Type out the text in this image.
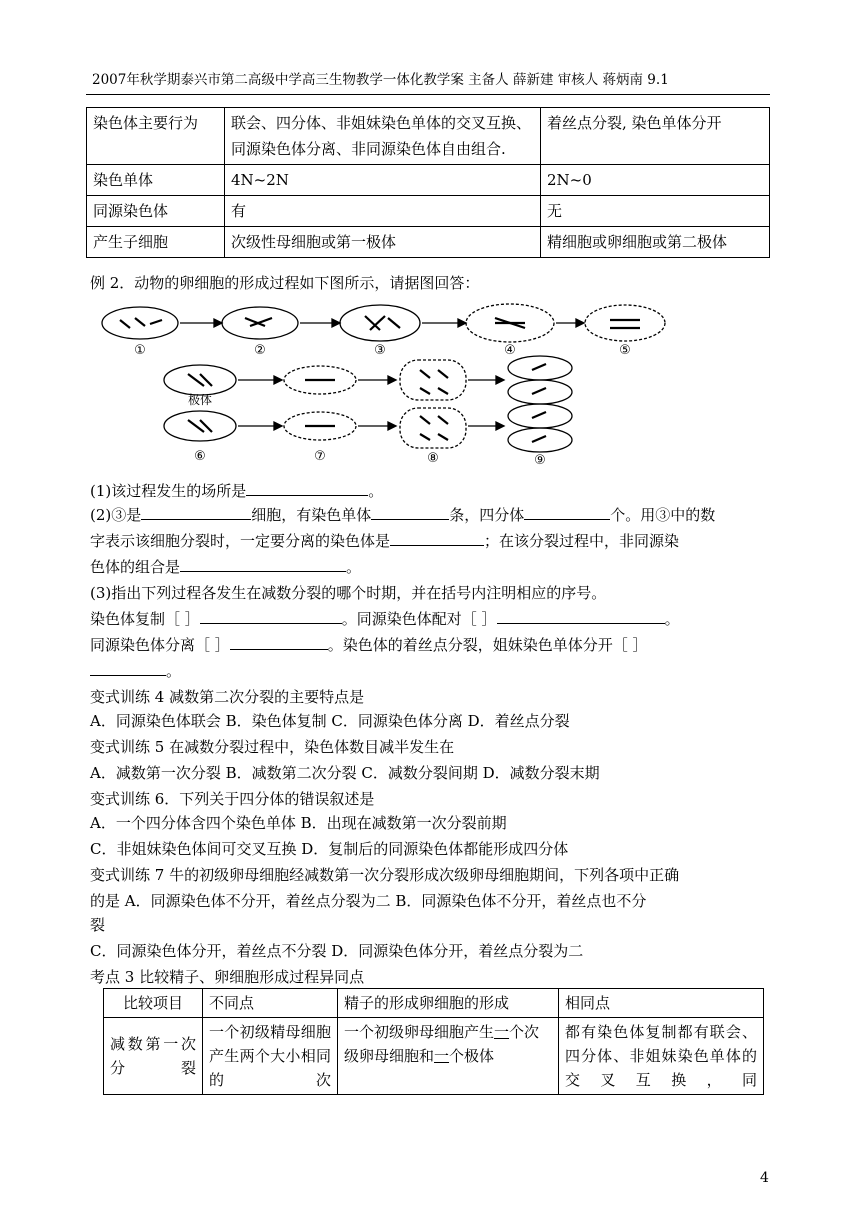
2007年秋学期泰兴市第二高级中学高三生物教学一体化教学案 主备人 薛新建 审核人 蒋炳南 9.1
染色体主要行为	联会、四分体、非姐妹染色单体的交叉互换、同源染色体分离、非同源染色体自由组合.	着丝点分裂, 染色单体分开
染色单体	4N~2N	2N~0
同源染色体	有	无
产生子细胞	次级性母细胞或第一极体	精细胞或卵细胞或第二极体
例 2．动物的卵细胞的形成过程如下图所示，请据图回答：
①	②	③	④	⑤
极体
⑥	⑦	⑧	⑨
(1)该过程发生的场所是	。
(2)③是	细胞，有染色单体	条，四分体	个。用③中的数
字表示该细胞分裂时，一定要分离的染色体是	；在该分裂过程中，非同源染
色体的组合是	。
(3)指出下列过程各发生在减数分裂的哪个时期，并在括号内注明相应的序号。
染色体复制［ ］	。同源染色体配对［ ］	。
同源染色体分离［ ］	。染色体的着丝点分裂，姐妹染色单体分开［ ］
。
变式训练 4 减数第二次分裂的主要特点是
A．同源染色体联会 B．染色体复制 C．同源染色体分离 D．着丝点分裂
变式训练 5 在减数分裂过程中，染色体数目减半发生在
A．减数第一次分裂 B．减数第二次分裂 C．减数分裂间期 D．减数分裂末期
变式训练 6．下列关于四分体的错误叙述是
A．一个四分体含四个染色单体 B．出现在减数第一次分裂前期
C．非姐妹染色体间可交叉互换 D．复制后的同源染色体都能形成四分体
变式训练 7 牛的初级卵母细胞经减数第一次分裂形成次级卵母细胞期间，下列各项中正确
的是 A．同源染色体不分开，着丝点分裂为二 B．同源染色体不分开，着丝点也不分
裂
C．同源染色体分开，着丝点不分裂 D．同源染色体分开，着丝点分裂为二
考点 3 比较精子、卵细胞形成过程异同点
比较项目	不同点	精子的形成卵细胞的形成	相同点
减数第一次分裂	一个初级精母细胞产生两个大小相同的次	一个初级卵母细胞产生一个次级卵母细胞和一个极体	都有染色体复制都有联会、四分体、非姐妹染色单体的交叉互换，同
4
